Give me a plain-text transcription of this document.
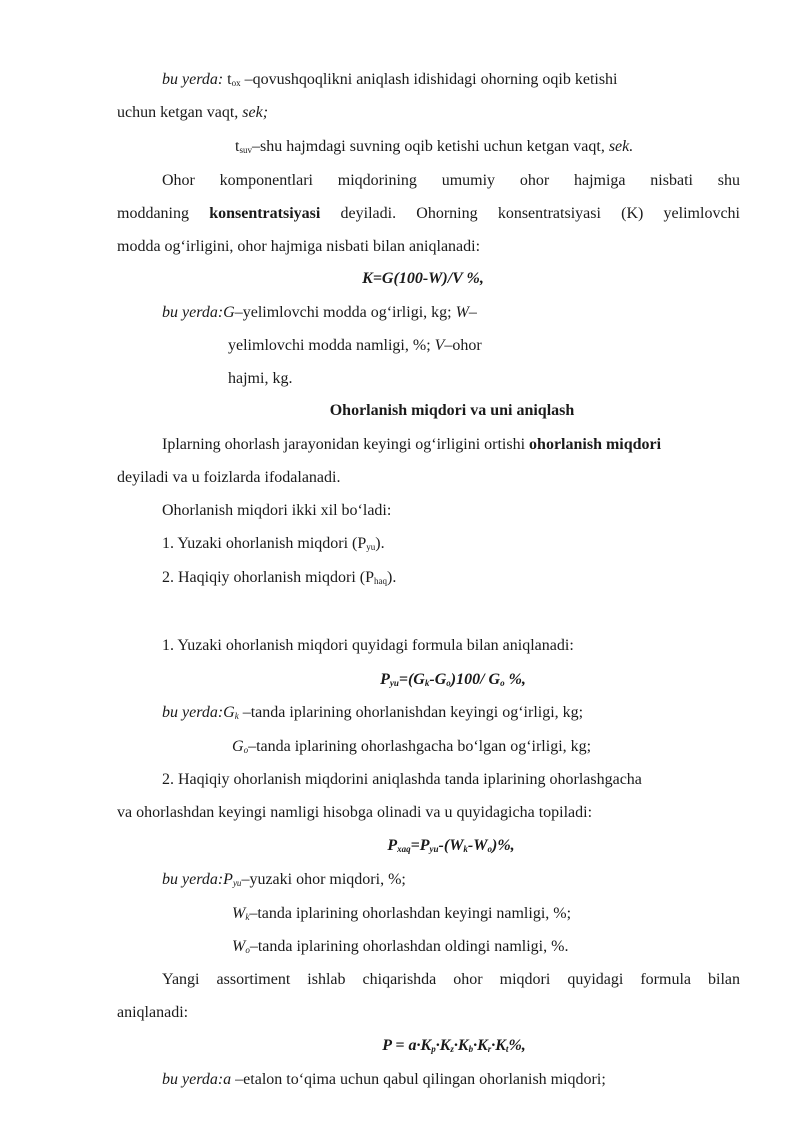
bu yerda: $t_{ox}$ –qovushqoqlikni aniqlash idishidagi ohorning oqib ketishi
uchun ketgan vaqt, sek;
$t_{suv}$–shu hajmdagi suvning oqib ketishi uchun ketgan vaqt, sek.
Ohor komponentlari miqdorining umumiy ohor hajmiga nisbati shu
moddaning konsentratsiyasi deyiladi. Ohorning konsentratsiyasi (K) yelimlovchi
modda og‘irligini, ohor hajmiga nisbati bilan aniqlanadi:
K=G(100-W)/V %,
bu yerda:G–yelimlovchi modda og‘irligi, kg; W–
yelimlovchi modda namligi, %; V–ohor
hajmi, kg.
Ohorlanish miqdori va uni aniqlash
Iplarning ohorlash jarayonidan keyingi og‘irligini ortishi ohorlanish miqdori
deyiladi va u foizlarda ifodalanadi.
Ohorlanish miqdori ikki xil bo‘ladi:
1. Yuzaki ohorlanish miqdori $(P_{yu})$.
2. Haqiqiy ohorlanish miqdori $(P_{haq})$.
1. Yuzaki ohorlanish miqdori quyidagi formula bilan aniqlanadi:
$P_{yu}=(G_k-G_o)100/$ $G_o$ %,
bu $yerda:G_k$ –tanda iplarining ohorlanishdan keyingi og‘irligi, kg;
$G_o$–tanda iplarining ohorlashgacha bo‘lgan og‘irligi, kg;
2. Haqiqiy ohorlanish miqdorini aniqlashda tanda iplarining ohorlashgacha
va ohorlashdan keyingi namligi hisobga olinadi va u quyidagicha topiladi:
$P_{xaq}=P_{yu}-(W_k-W_o)\%$,
bu $yerda:P_{yu}$–yuzaki ohor miqdori, %;
$W_k$–tanda iplarining ohorlashdan keyingi namligi, %;
$W_o$–tanda iplarining ohorlashdan oldingi namligi, %.
Yangi assortiment ishlab chiqarishda ohor miqdori quyidagi formula bilan
aniqlanadi:
$P = a\cdot K_p\cdot K_z\cdot K_b\cdot K_r\cdot K_t\%$,
bu yerda:a –etalon to‘qima uchun qabul qilingan ohorlanish miqdori;
